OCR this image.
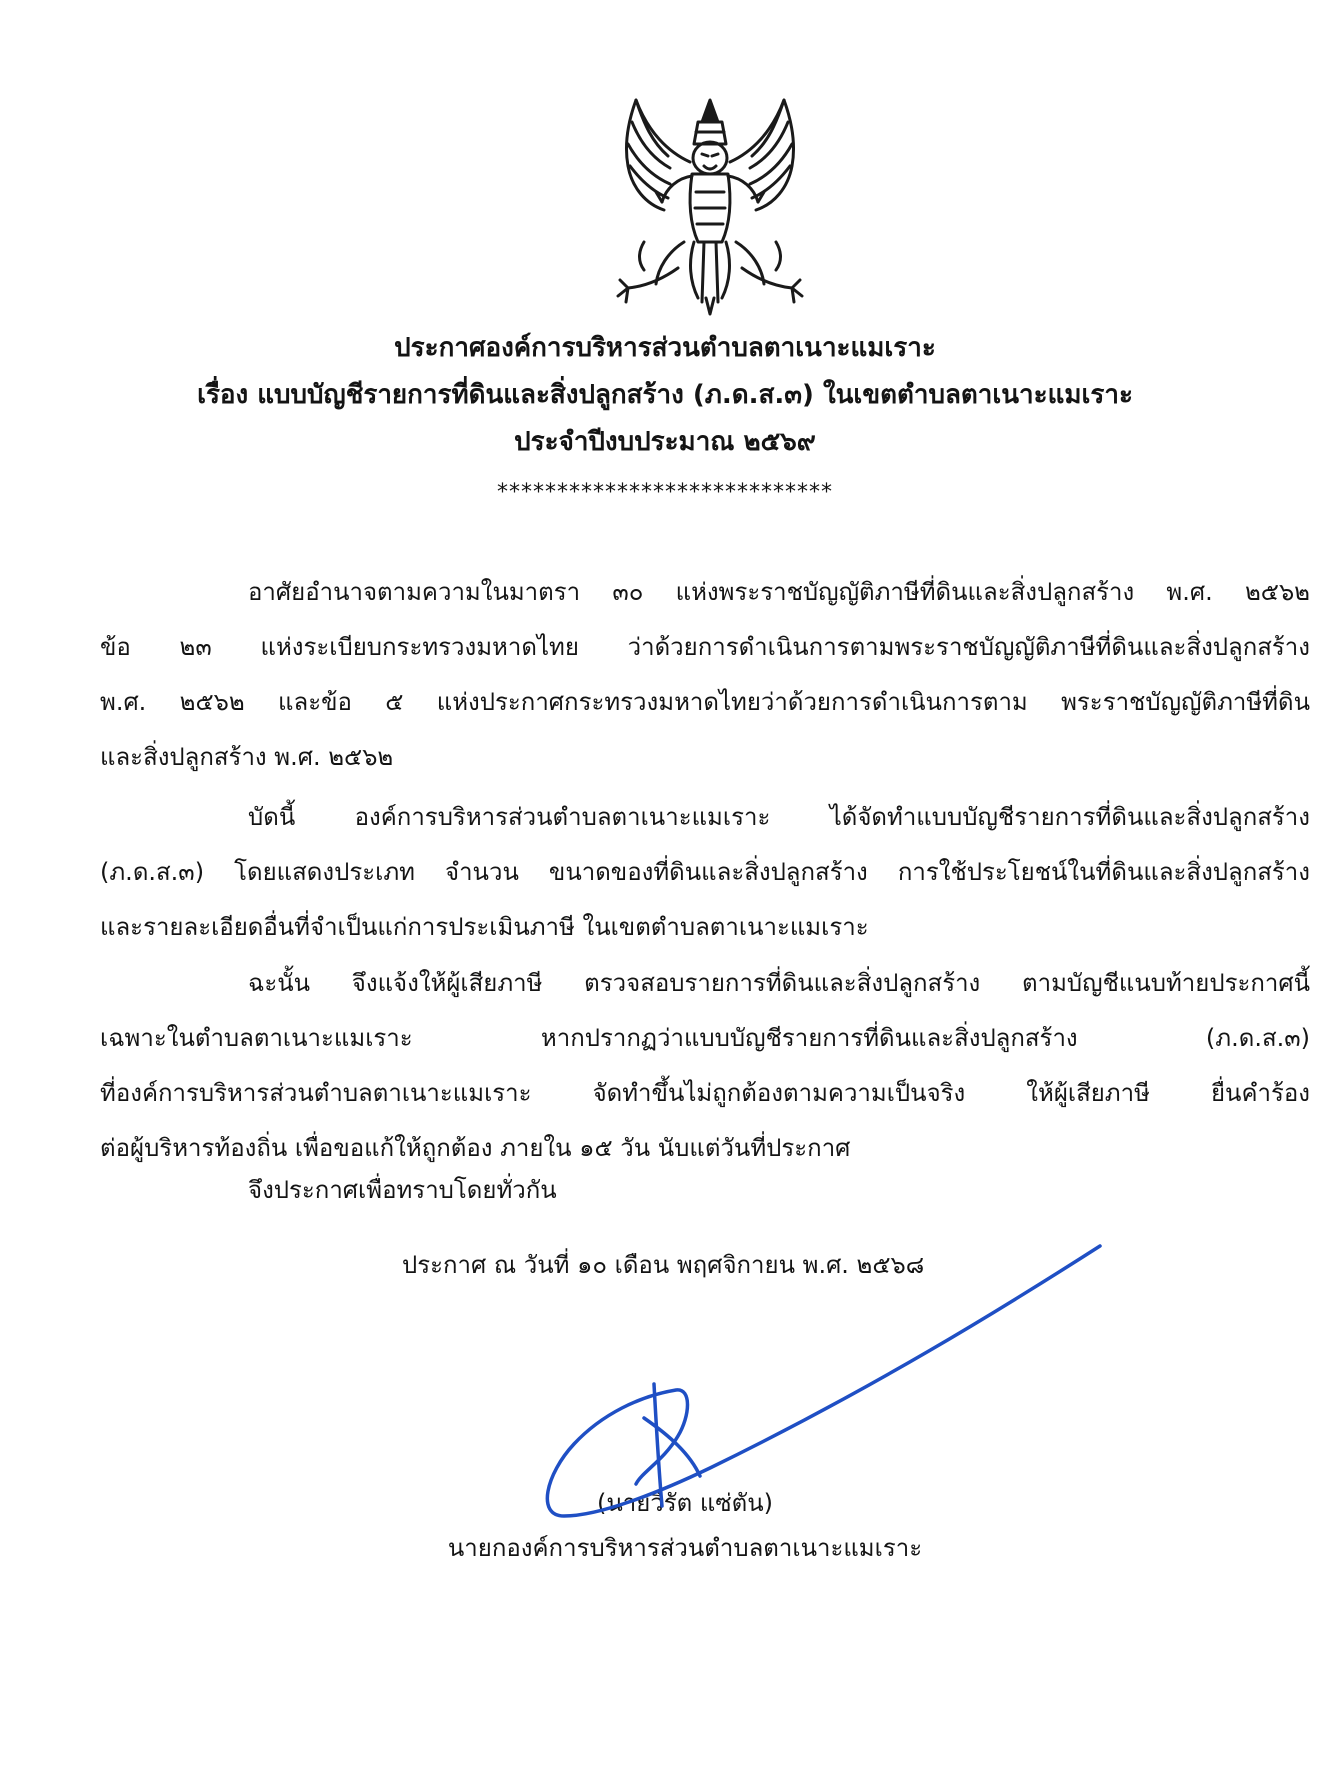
ประกาศองค์การบริหารส่วนตำบลตาเนาะแมเราะ
เรื่อง แบบบัญชีรายการที่ดินและสิ่งปลูกสร้าง (ภ.ด.ส.๓) ในเขตตำบลตาเนาะแมเราะ
ประจำปีงบประมาณ ๒๕๖๙
****************************
อาศัยอำนาจตามความในมาตรา ๓๐ แห่งพระราชบัญญัติภาษีที่ดินและสิ่งปลูกสร้าง พ.ศ. ๒๕๖๒
ข้อ ๒๓ แห่งระเบียบกระทรวงมหาดไทย ว่าด้วยการดำเนินการตามพระราชบัญญัติภาษีที่ดินและสิ่งปลูกสร้าง
พ.ศ. ๒๕๖๒ และข้อ ๕ แห่งประกาศกระทรวงมหาดไทยว่าด้วยการดำเนินการตาม พระราชบัญญัติภาษีที่ดิน
และสิ่งปลูกสร้าง พ.ศ. ๒๕๖๒
บัดนี้ องค์การบริหารส่วนตำบลตาเนาะแมเราะ ได้จัดทำแบบบัญชีรายการที่ดินและสิ่งปลูกสร้าง
(ภ.ด.ส.๓) โดยแสดงประเภท จำนวน ขนาดของที่ดินและสิ่งปลูกสร้าง การใช้ประโยชน์ในที่ดินและสิ่งปลูกสร้าง
และรายละเอียดอื่นที่จำเป็นแก่การประเมินภาษี ในเขตตำบลตาเนาะแมเราะ
ฉะนั้น จึงแจ้งให้ผู้เสียภาษี ตรวจสอบรายการที่ดินและสิ่งปลูกสร้าง ตามบัญชีแนบท้ายประกาศนี้
เฉพาะในตำบลตาเนาะแมเราะ หากปรากฏว่าแบบบัญชีรายการที่ดินและสิ่งปลูกสร้าง (ภ.ด.ส.๓)
ที่องค์การบริหารส่วนตำบลตาเนาะแมเราะ จัดทำขึ้นไม่ถูกต้องตามความเป็นจริง ให้ผู้เสียภาษี ยื่นคำร้อง
ต่อผู้บริหารท้องถิ่น เพื่อขอแก้ให้ถูกต้อง ภายใน ๑๕ วัน นับแต่วันที่ประกาศ
จึงประกาศเพื่อทราบโดยทั่วกัน
ประกาศ ณ วันที่ ๑๐ เดือน พฤศจิกายน พ.ศ. ๒๕๖๘
(นายวิรัต แซ่ตัน)
นายกองค์การบริหารส่วนตำบลตาเนาะแมเราะ
